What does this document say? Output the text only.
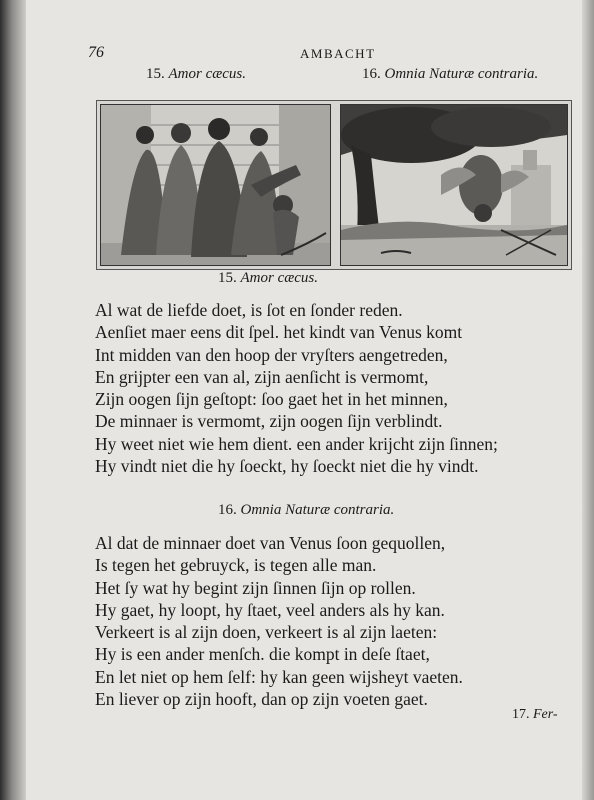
76	AMBACHT
15. Amor cæcus.	16. Omnia Naturæ contraria.
15. Amor cæcus.
Al wat de liefde doet, is ſot en ſonder reden.
Aenſiet maer eens dit ſpel. het kindt van Venus komt
Int midden van den hoop der vryſters aengetreden,
En grijpter een van al, zijn aenſicht is vermomt,
Zijn oogen ſijn geſtopt: ſoo gaet het in het minnen,
De minnaer is vermomt, zijn oogen ſijn verblindt.
Hy weet niet wie hem dient. een ander krijcht zijn ſinnen;
Hy vindt niet die hy ſoeckt, hy ſoeckt niet die hy vindt.
16. Omnia Naturæ contraria.
Al dat de minnaer doet van Venus ſoon gequollen,
Is tegen het gebruyck, is tegen alle man.
Het ſy wat hy begint zijn ſinnen ſijn op rollen.
Hy gaet, hy loopt, hy ſtaet, veel anders als hy kan.
Verkeert is al zijn doen, verkeert is al zijn laeten:
Hy is een ander menſch. die kompt in deſe ſtaet,
En let niet op hem ſelf: hy kan geen wijsheyt vaeten.
En liever op zijn hooft, dan op zijn voeten gaet.
17. Fer-
